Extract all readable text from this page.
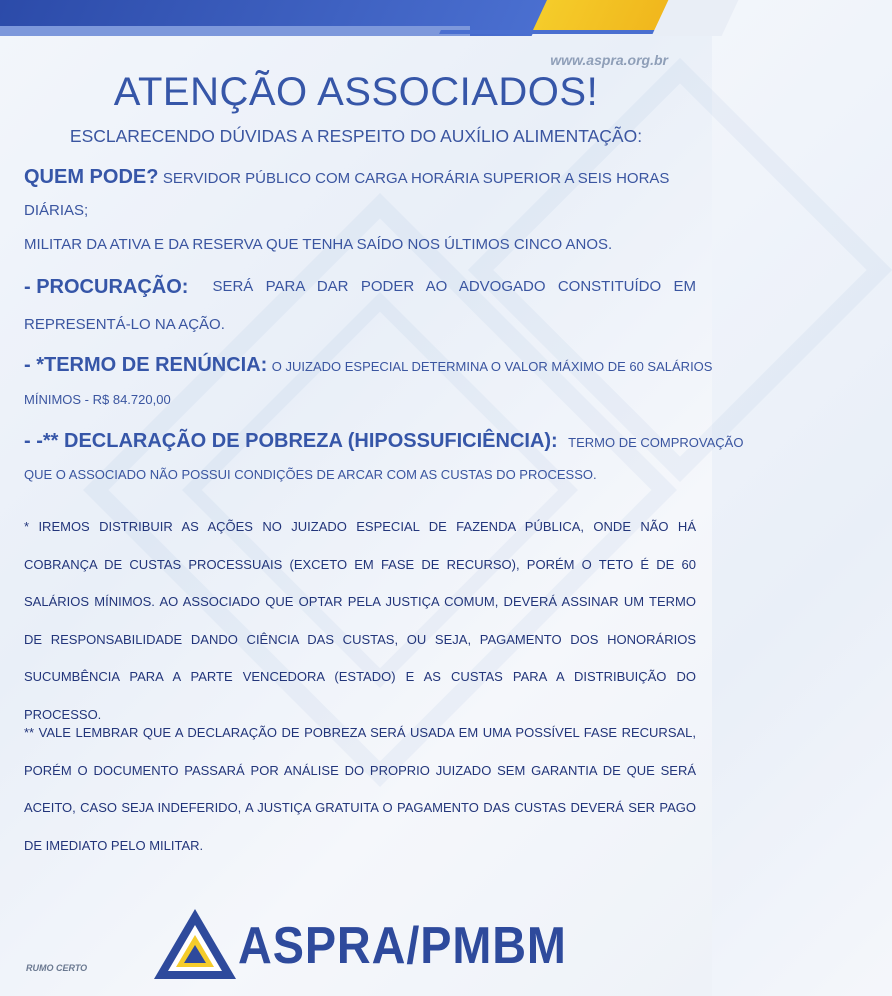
www.aspra.org.br
ATENÇÃO ASSOCIADOS!
ESCLARECENDO DÚVIDAS A RESPEITO DO AUXÍLIO ALIMENTAÇÃO:
QUEM PODE? SERVIDOR PÚBLICO COM CARGA HORÁRIA SUPERIOR A SEIS HORAS
DIÁRIAS;
MILITAR DA ATIVA E DA RESERVA QUE TENHA SAÍDO NOS ÚLTIMOS CINCO ANOS.
- PROCURAÇÃO:	SERÁ PARA DAR PODER AO ADVOGADO CONSTITUÍDO EM
REPRESENTÁ-LO NA AÇÃO.
- *TERMO DE RENÚNCIA: O JUIZADO ESPECIAL DETERMINA O VALOR MÁXIMO DE 60 SALÁRIOS
MÍNIMOS - R$ 84.720,00
- -** DECLARAÇÃO DE POBREZA (HIPOSSUFICIÊNCIA): TERMO DE COMPROVAÇÃO
QUE O ASSOCIADO NÃO POSSUI CONDIÇÕES DE ARCAR COM AS CUSTAS DO PROCESSO.
* IREMOS DISTRIBUIR AS AÇÕES NO JUIZADO ESPECIAL DE FAZENDA PÚBLICA, ONDE NÃO HÁ COBRANÇA DE CUSTAS PROCESSUAIS (EXCETO EM FASE DE RECURSO), PORÉM O TETO É DE 60 SALÁRIOS MÍNIMOS. AO ASSOCIADO QUE OPTAR PELA JUSTIÇA COMUM, DEVERÁ ASSINAR UM TERMO DE RESPONSABILIDADE DANDO CIÊNCIA DAS CUSTAS, OU SEJA, PAGAMENTO DOS HONORÁRIOS SUCUMBÊNCIA PARA A PARTE VENCEDORA (ESTADO) E AS CUSTAS PARA A DISTRIBUIÇÃO DO PROCESSO.
** VALE LEMBRAR QUE A DECLARAÇÃO DE POBREZA SERÁ USADA EM UMA POSSÍVEL FASE RECURSAL, PORÉM O DOCUMENTO PASSARÁ POR ANÁLISE DO PROPRIO JUIZADO SEM GARANTIA DE QUE SERÁ ACEITO, CASO SEJA INDEFERIDO, A JUSTIÇA GRATUITA O PAGAMENTO DAS CUSTAS DEVERÁ SER PAGO DE IMEDIATO PELO MILITAR.
RUMO CERTO	ASPRA/PMBM
